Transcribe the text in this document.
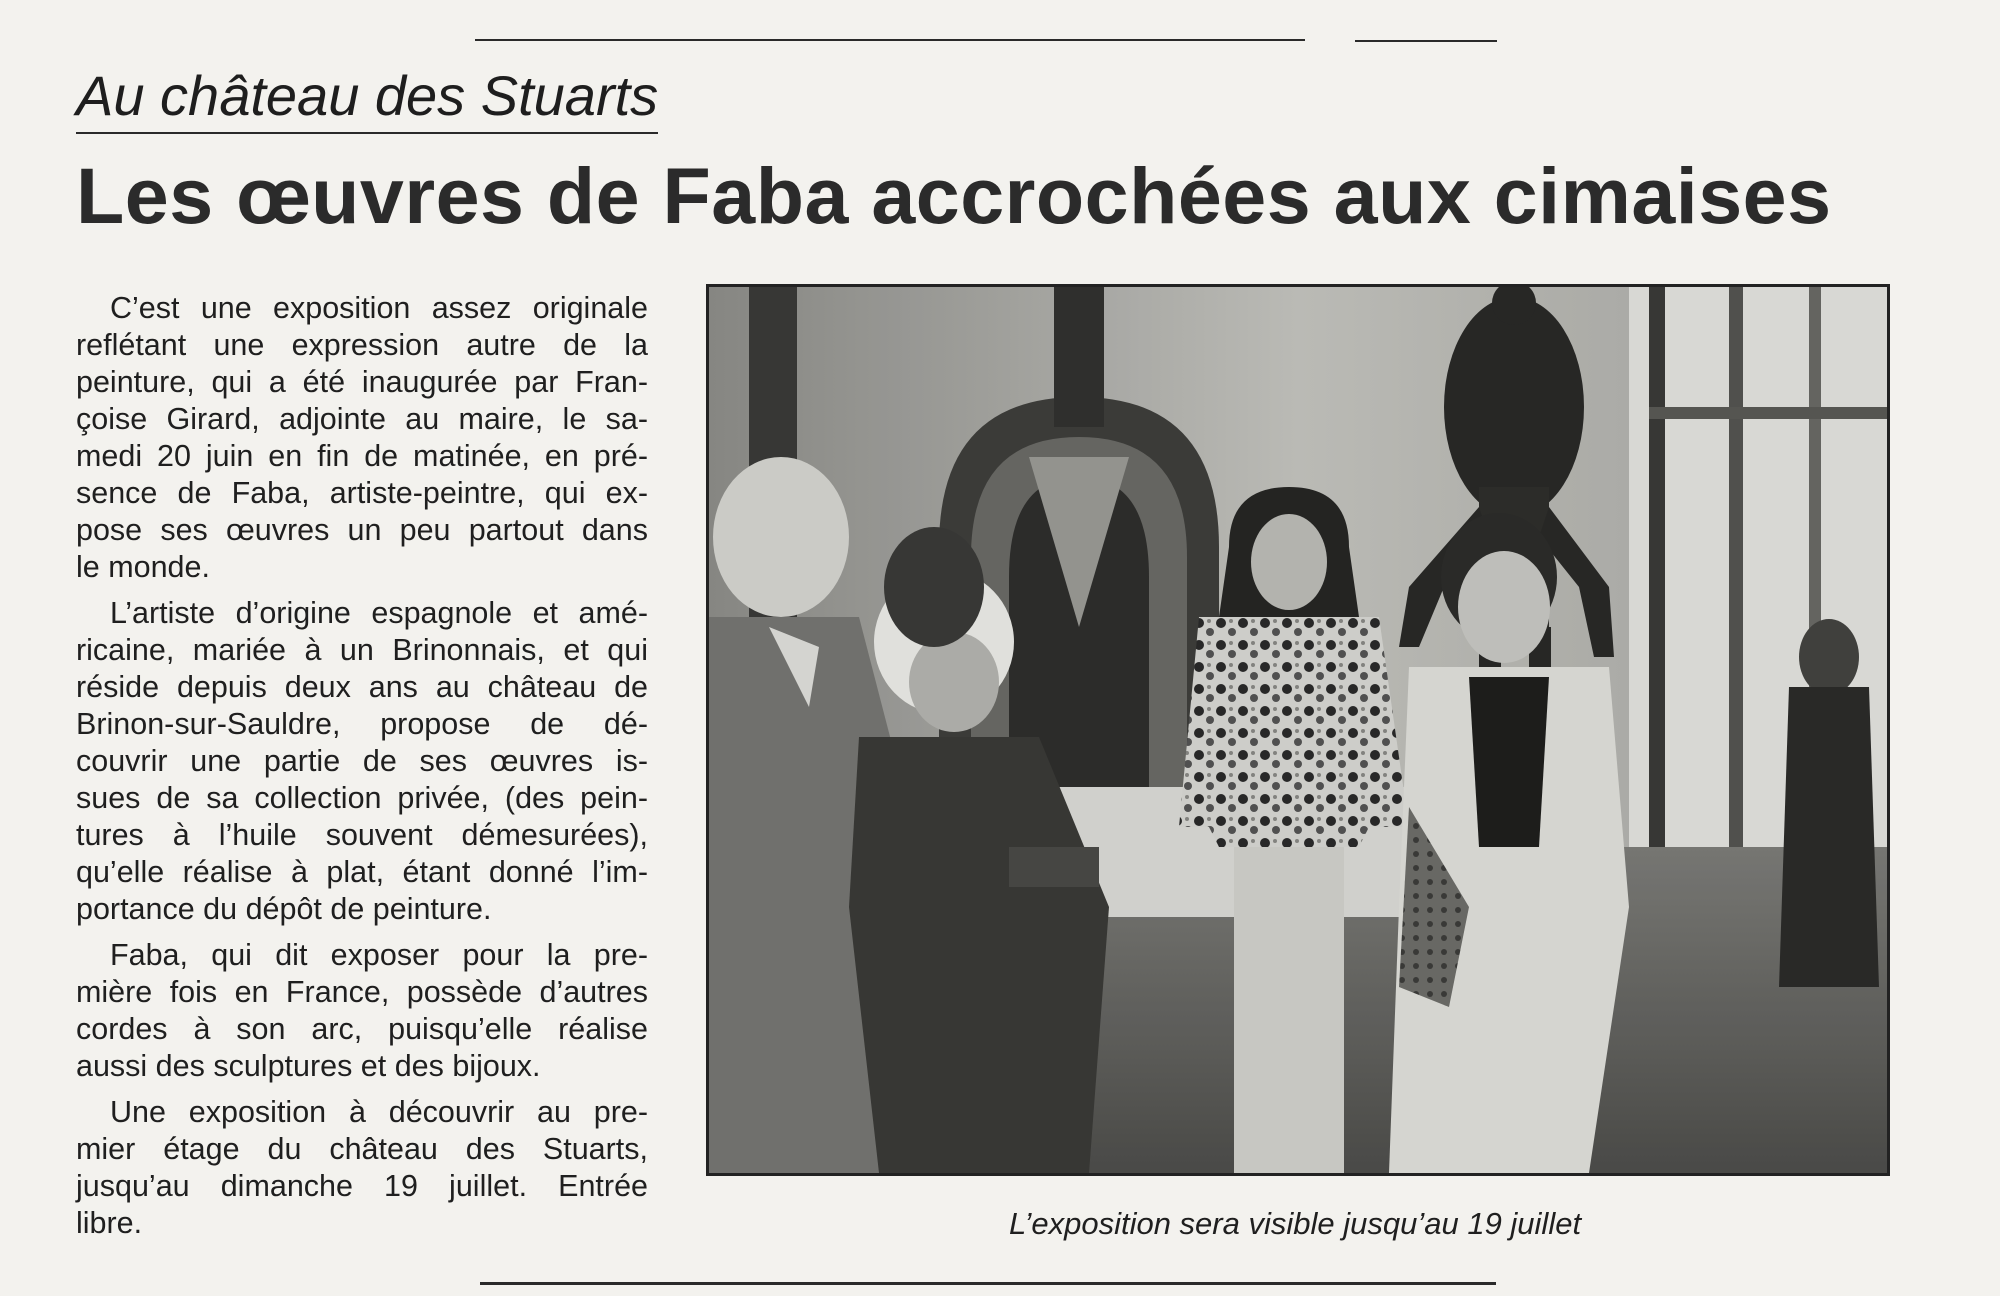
Au château des Stuarts
Les œuvres de Faba accrochées aux cimaises
C’est une exposition assez originale
reflétant une expression autre de la
peinture, qui a été inaugurée par Fran-
çoise Girard, adjointe au maire, le sa-
medi 20 juin en fin de matinée, en pré-
sence de Faba, artiste-peintre, qui ex-
pose ses œuvres un peu partout dans
le monde.
L’artiste d’origine espagnole et amé-
ricaine, mariée à un Brinonnais, et qui
réside depuis deux ans au château de
Brinon-sur-Sauldre, propose de dé-
couvrir une partie de ses œuvres is-
sues de sa collection privée, (des pein-
tures à l’huile souvent démesurées),
qu’elle réalise à plat, étant donné l’im-
portance du dépôt de peinture.
Faba, qui dit exposer pour la pre-
mière fois en France, possède d’autres
cordes à son arc, puisqu’elle réalise
aussi des sculptures et des bijoux.
Une exposition à découvrir au pre-
mier étage du château des Stuarts,
jusqu’au dimanche 19 juillet. Entrée
libre.	L’exposition sera visible jusqu’au 19 juillet
